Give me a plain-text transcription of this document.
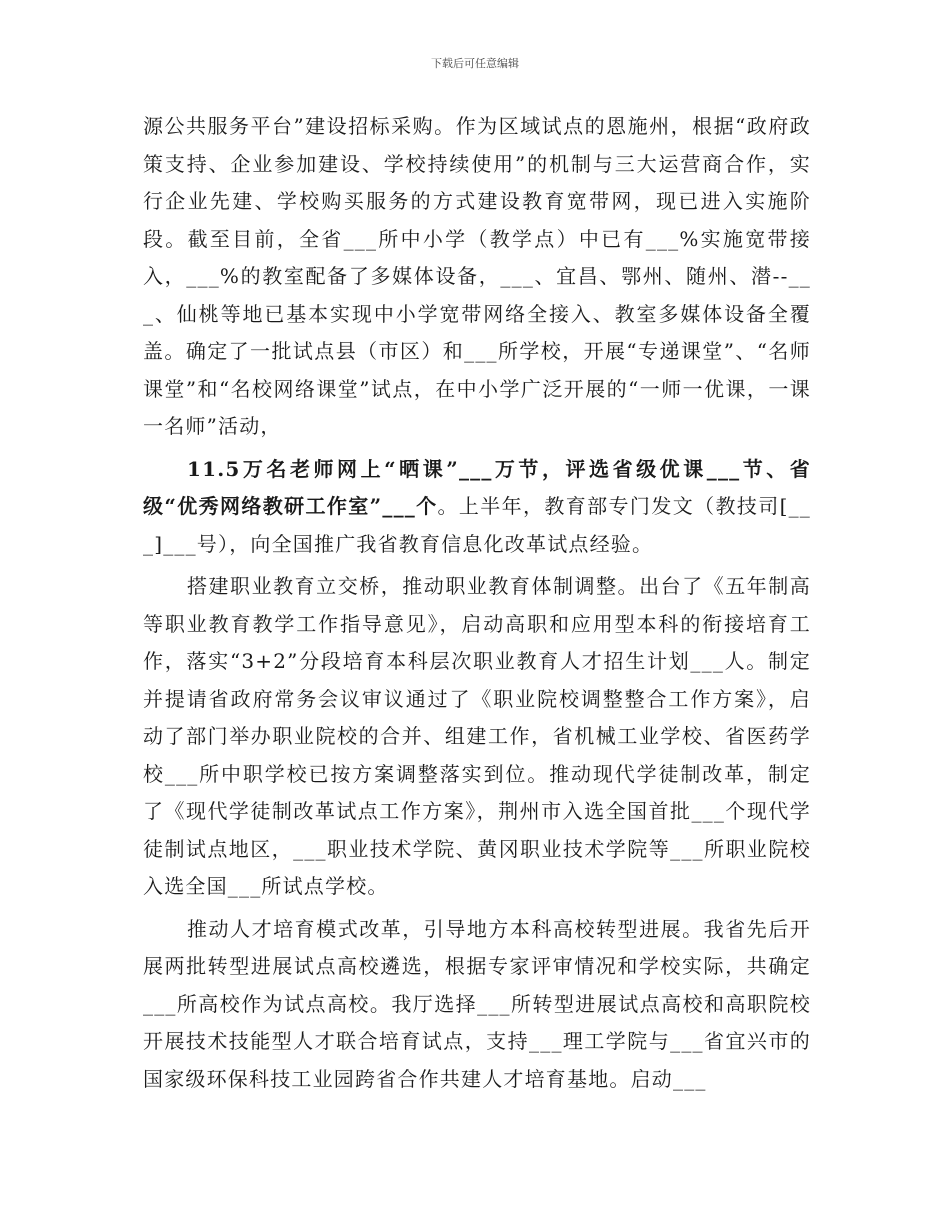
下载后可任意编辑

源公共服务平台”建设招标采购。作为区域试点的恩施州，根据“政府政策支持、企业参加建设、学校持续使用”的机制与三大运营商合作，实行企业先建、学校购买服务的方式建设教育宽带网，现已进入实施阶段。截至目前，全省___所中小学（教学点）中已有___%实施宽带接入，___%的教室配备了多媒体设备，___、宜昌、鄂州、随州、潜--___、仙桃等地已基本实现中小学宽带网络全接入、教室多媒体设备全覆盖。确定了一批试点县（市区）和___所学校，开展“专递课堂”、“名师课堂”和“名校网络课堂”试点，在中小学广泛开展的“一师一优课，一课一名师”活动，

11.5万名老师网上“晒课”___万节，评选省级优课___节、省级“优秀网络教研工作室”___个。上半年，教育部专门发文（教技司[___]___号），向全国推广我省教育信息化改革试点经验。

搭建职业教育立交桥，推动职业教育体制调整。出台了《五年制高等职业教育教学工作指导意见》，启动高职和应用型本科的衔接培育工作，落实“3+2”分段培育本科层次职业教育人才招生计划___人。制定并提请省政府常务会议审议通过了《职业院校调整整合工作方案》，启动了部门举办职业院校的合并、组建工作，省机械工业学校、省医药学校___所中职学校已按方案调整落实到位。推动现代学徒制改革，制定了《现代学徒制改革试点工作方案》，荆州市入选全国首批___个现代学徒制试点地区，___职业技术学院、黄冈职业技术学院等___所职业院校入选全国___所试点学校。

推动人才培育模式改革，引导地方本科高校转型进展。我省先后开展两批转型进展试点高校遴选，根据专家评审情况和学校实际，共确定___所高校作为试点高校。我厅选择___所转型进展试点高校和高职院校开展技术技能型人才联合培育试点，支持___理工学院与___省宜兴市的国家级环保科技工业园跨省合作共建人才培育基地。启动___
